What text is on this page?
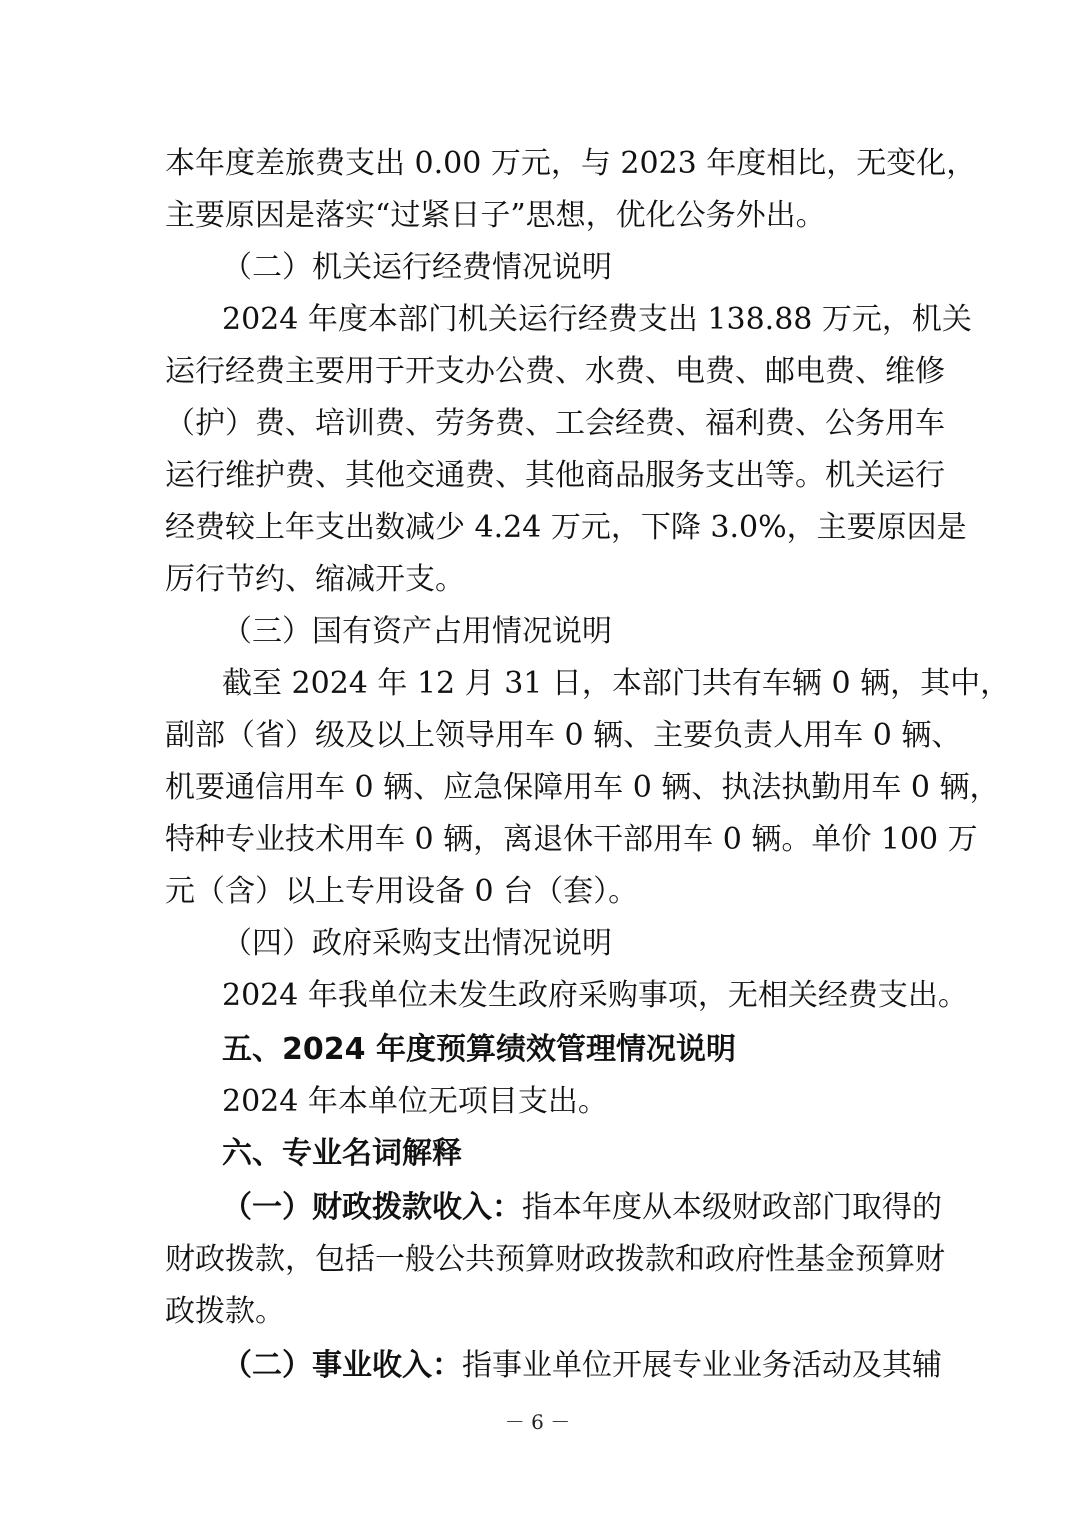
本年度差旅费支出 0.00 万元，与 2023 年度相比，无变化，
主要原因是落实“过紧日子”思想，优化公务外出。
（二）机关运行经费情况说明
2024 年度本部门机关运行经费支出 138.88 万元，机关
运行经费主要用于开支办公费、水费、电费、邮电费、维修
（护）费、培训费、劳务费、工会经费、福利费、公务用车
运行维护费、其他交通费、其他商品服务支出等。机关运行
经费较上年支出数减少 4.24 万元，下降 3.0%，主要原因是
厉行节约、缩减开支。
（三）国有资产占用情况说明
截至 2024 年 12 月 31 日，本部门共有车辆 0 辆，其中，
副部（省）级及以上领导用车 0 辆、主要负责人用车 0 辆、
机要通信用车 0 辆、应急保障用车 0 辆、执法执勤用车 0 辆，
特种专业技术用车 0 辆，离退休干部用车 0 辆。单价 100 万
元（含）以上专用设备 0 台（套）。
（四）政府采购支出情况说明
2024 年我单位未发生政府采购事项，无相关经费支出。
五、2024 年度预算绩效管理情况说明
2024 年本单位无项目支出。
六、专业名词解释
（一）财政拨款收入：指本年度从本级财政部门取得的
财政拨款，包括一般公共预算财政拨款和政府性基金预算财
政拨款。
（二）事业收入：指事业单位开展专业业务活动及其辅
－ 6 －
